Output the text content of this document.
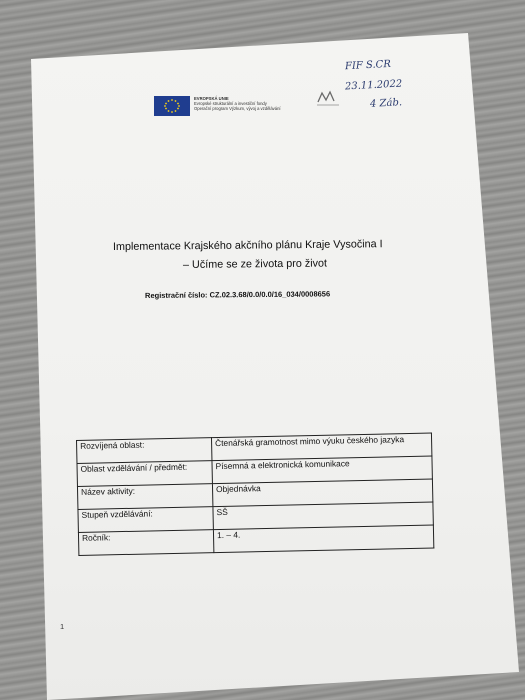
EVROPSKÁ UNIE
Evropské strukturální a investiční fondy
Operační program Výzkum, vývoj a vzdělávání
FIF S.CR
23.11.2022
4 Záb.
Implementace Krajského akčního plánu Kraje Vysočina I
– Učíme se ze života pro život
Registrační číslo: CZ.02.3.68/0.0/0.0/16_034/0008656
Rozvíjená oblast:	Čtenářská gramotnost mimo výuku českého jazyka
Oblast vzdělávání / předmět:	Písemná a elektronická komunikace
Název aktivity:	Objednávka
Stupeň vzdělávání:	SŠ
Ročník:	1. – 4.
1
